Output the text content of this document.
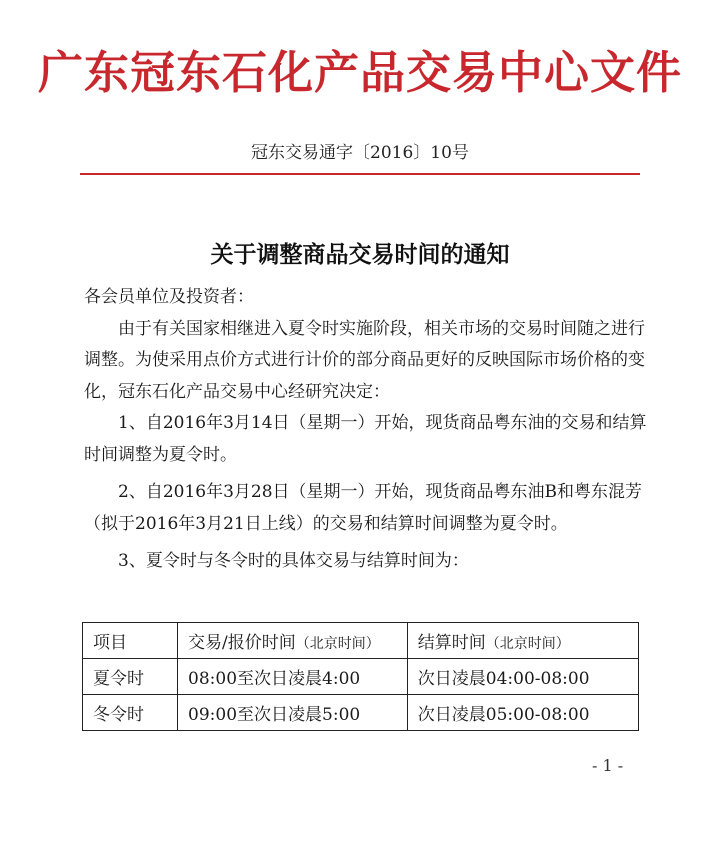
广东冠东石化产品交易中心文件
冠东交易通字〔2016〕10号
关于调整商品交易时间的通知

各会员单位及投资者：

由于有关国家相继进入夏令时实施阶段，相关市场的交易时间随之进行调整。为使采用点价方式进行计价的部分商品更好的反映国际市场价格的变化，冠东石化产品交易中心经研究决定：

1、自2016年3月14日（星期一）开始，现货商品粤东油的交易和结算时间调整为夏令时。

2、自2016年3月28日（星期一）开始，现货商品粤东油B和粤东混芳（拟于2016年3月21日上线）的交易和结算时间调整为夏令时。

3、夏令时与冬令时的具体交易与结算时间为：

项目	交易/报价时间（北京时间）	结算时间（北京时间）
夏令时	08:00至次日凌晨4:00	次日凌晨04:00-08:00
冬令时	09:00至次日凌晨5:00	次日凌晨05:00-08:00
- 1 -
